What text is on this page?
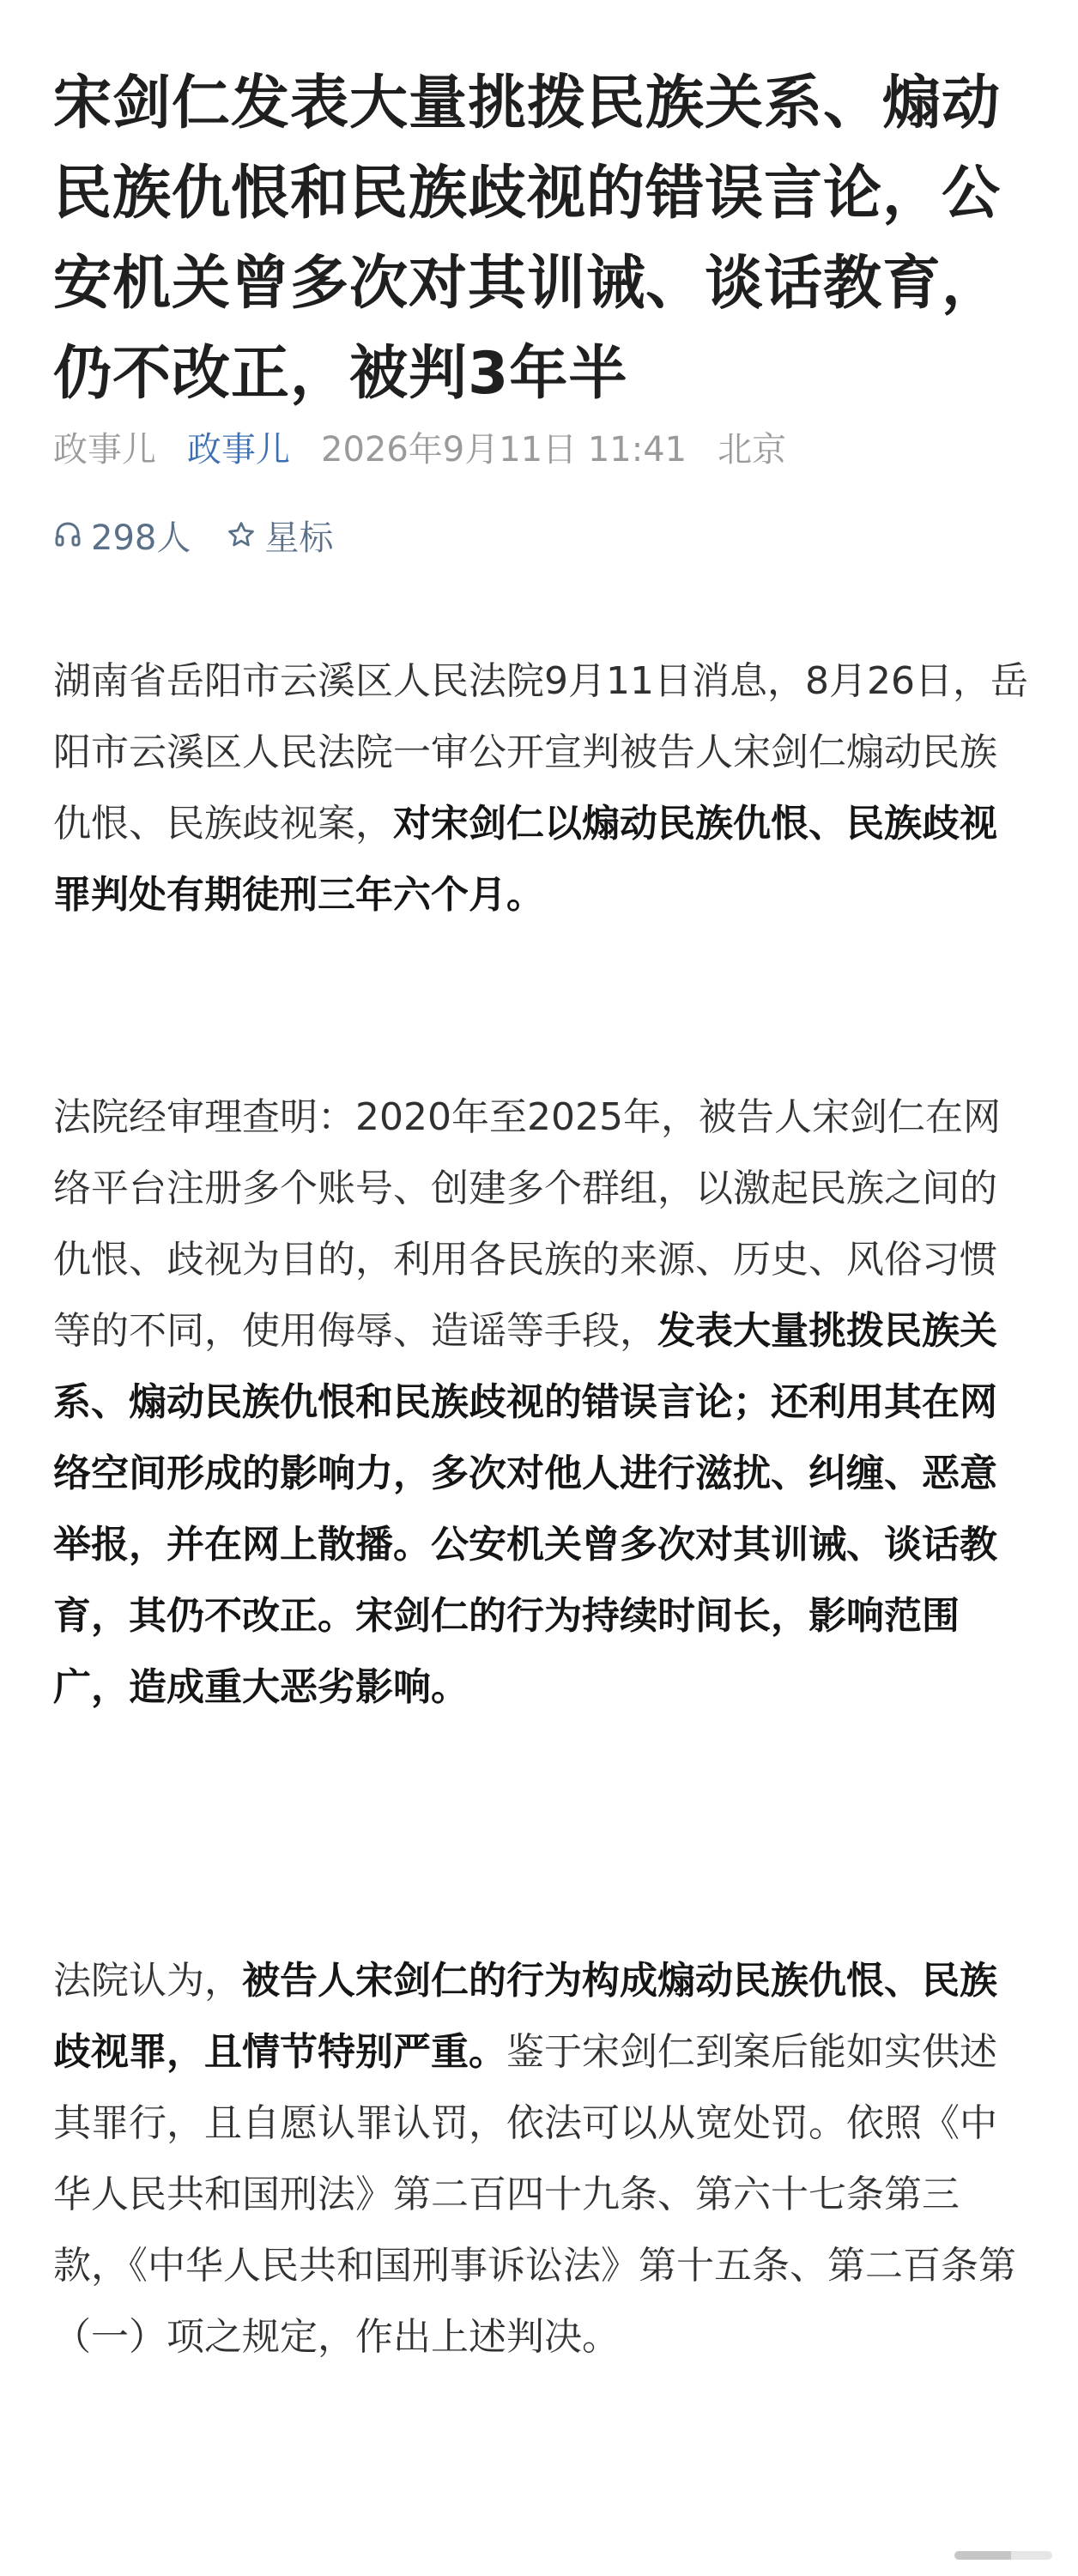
宋剑仁发表大量挑拨民族关系、煽动民族仇恨和民族歧视的错误言论，公安机关曾多次对其训诫、谈话教育，仍不改正，被判3年半
政事儿 政事儿 2026年9月11日 11:41 北京
298人 星标

湖南省岳阳市云溪区人民法院9月11日消息，8月26日，岳阳市云溪区人民法院一审公开宣判被告人宋剑仁煽动民族仇恨、民族歧视案，对宋剑仁以煽动民族仇恨、民族歧视罪判处有期徒刑三年六个月。

法院经审理查明：2020年至2025年，被告人宋剑仁在网络平台注册多个账号、创建多个群组，以激起民族之间的仇恨、歧视为目的，利用各民族的来源、历史、风俗习惯等的不同，使用侮辱、造谣等手段，发表大量挑拨民族关系、煽动民族仇恨和民族歧视的错误言论；还利用其在网络空间形成的影响力，多次对他人进行滋扰、纠缠、恶意举报，并在网上散播。公安机关曾多次对其训诫、谈话教育，其仍不改正。宋剑仁的行为持续时间长，影响范围广，造成重大恶劣影响。

法院认为，被告人宋剑仁的行为构成煽动民族仇恨、民族歧视罪，且情节特别严重。鉴于宋剑仁到案后能如实供述其罪行，且自愿认罪认罚，依法可以从宽处罚。依照《中华人民共和国刑法》第二百四十九条、第六十七条第三款，《中华人民共和国刑事诉讼法》第十五条、第二百条第（一）项之规定，作出上述判决。
